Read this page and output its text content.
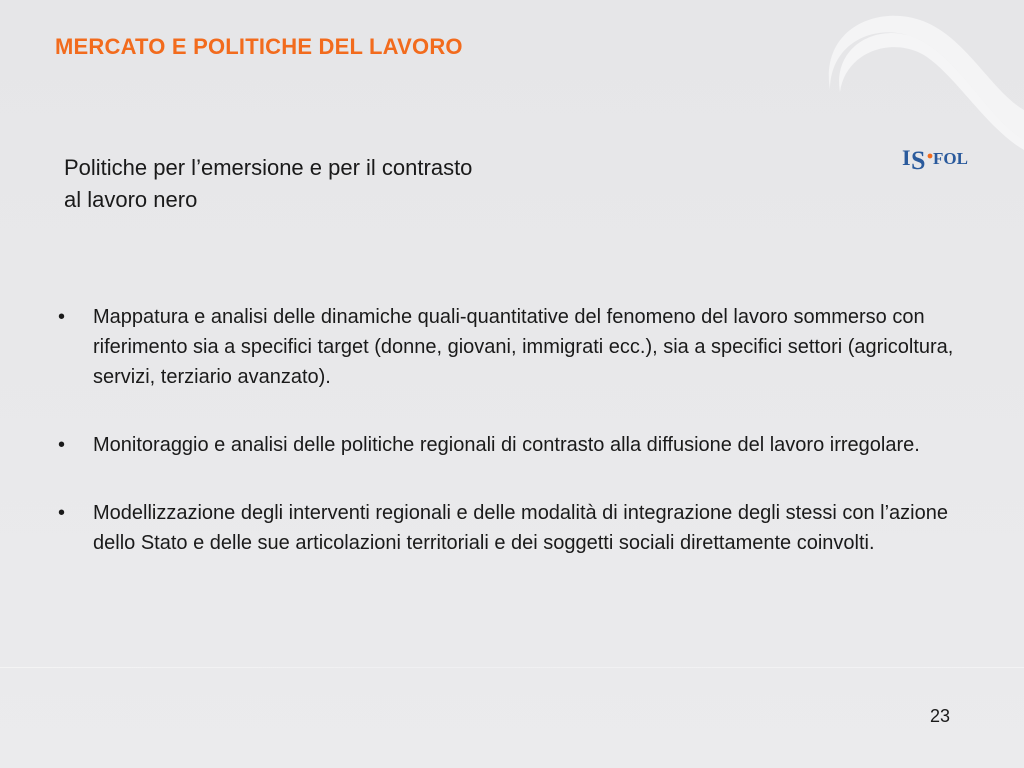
I S FOL
MERCATO E POLITICHE DEL LAVORO
Politiche per l’emersione e per il contrasto
al lavoro nero
• Mappatura e analisi delle dinamiche quali-quantitative del fenomeno del lavoro sommerso con riferimento sia a specifici target (donne, giovani, immigrati ecc.), sia a specifici settori (agricoltura, servizi, terziario avanzato).
• Monitoraggio e analisi delle politiche regionali di contrasto alla diffusione del lavoro irregolare.
• Modellizzazione degli interventi regionali e delle modalità di integrazione degli stessi con l’azione dello Stato e delle sue articolazioni territoriali e dei soggetti sociali direttamente coinvolti.
23
